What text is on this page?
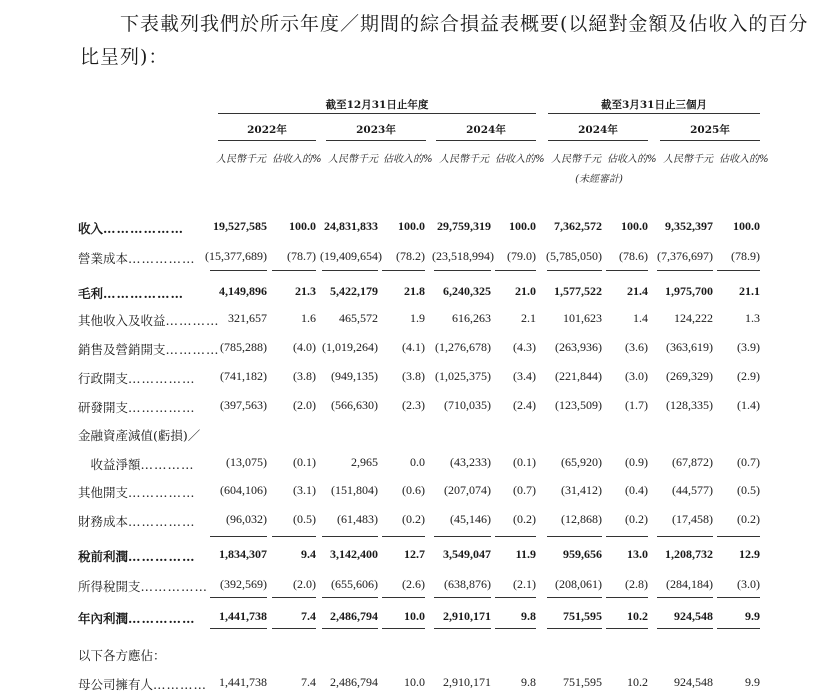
下表載列我們於所示年度／期間的綜合損益表概要(以絕對金額及佔收入的百分
比呈列)：
截至12月31日止年度	截至3月31日止三個月
2022年	2023年	2024年	2024年	2025年
人民幣千元 佔收入的% 人民幣千元 佔收入的% 人民幣千元 佔收入的% 人民幣千元 佔收入的% 人民幣千元 佔收入的%
(未經審計)
收入………………	19,527,585	100.0 24,831,833	100.0	29,759,319	100.0	7,362,572	100.0	9,352,397	100.0
營業成本…………… (15,377,689)	(78.7) (19,409,654)	(78.2) (23,518,994)	(79.0) (5,785,050)	(78.6) (7,376,697)	(78.9)
毛利………………	4,149,896	21.3	5,422,179	21.8	6,240,325	21.0	1,577,522	21.4	1,975,700	21.1
其他收入及收益………… 321,657	1.6	465,572	1.9	616,263	2.1	101,623	1.4	124,222	1.3
銷售及營銷開支………… (785,288)	(4.0) (1,019,264)	(4.1) (1,276,678)	(4.3)	(263,936)	(3.6)	(363,619)	(3.9)
行政開支……………	(741,182)	(3.8)	(949,135)	(3.8) (1,025,375)	(3.4)	(221,844)	(3.0)	(269,329)	(2.9)
研發開支……………	(397,563)	(2.0)	(566,630)	(2.3)	(710,035)	(2.4)	(123,509)	(1.7)	(128,335)	(1.4)
金融資產減值(虧損)／
　收益淨額…………	(13,075)	(0.1)	2,965	0.0	(43,233)	(0.1)	(65,920)	(0.9)	(67,872)	(0.7)
其他開支……………	(604,106)	(3.1)	(151,804)	(0.6)	(207,074)	(0.7)	(31,412)	(0.4)	(44,577)	(0.5)
財務成本……………	(96,032)	(0.5)	(61,483)	(0.2)	(45,146)	(0.2)	(12,868)	(0.2)	(17,458)	(0.2)
稅前利潤……………	1,834,307	9.4	3,142,400	12.7	3,549,047	11.9	959,656	13.0	1,208,732	12.9
所得稅開支…………… (392,569)	(2.0)	(655,606)	(2.6)	(638,876)	(2.1)	(208,061)	(2.8)	(284,184)	(3.0)
年內利潤……………	1,441,738	7.4	2,486,794	10.0	2,910,171	9.8	751,595	10.2	924,548	9.9
以下各方應佔：
母公司擁有人………… 1,441,738	7.4	2,486,794	10.0	2,910,171	9.8	751,595	10.2	924,548	9.9
